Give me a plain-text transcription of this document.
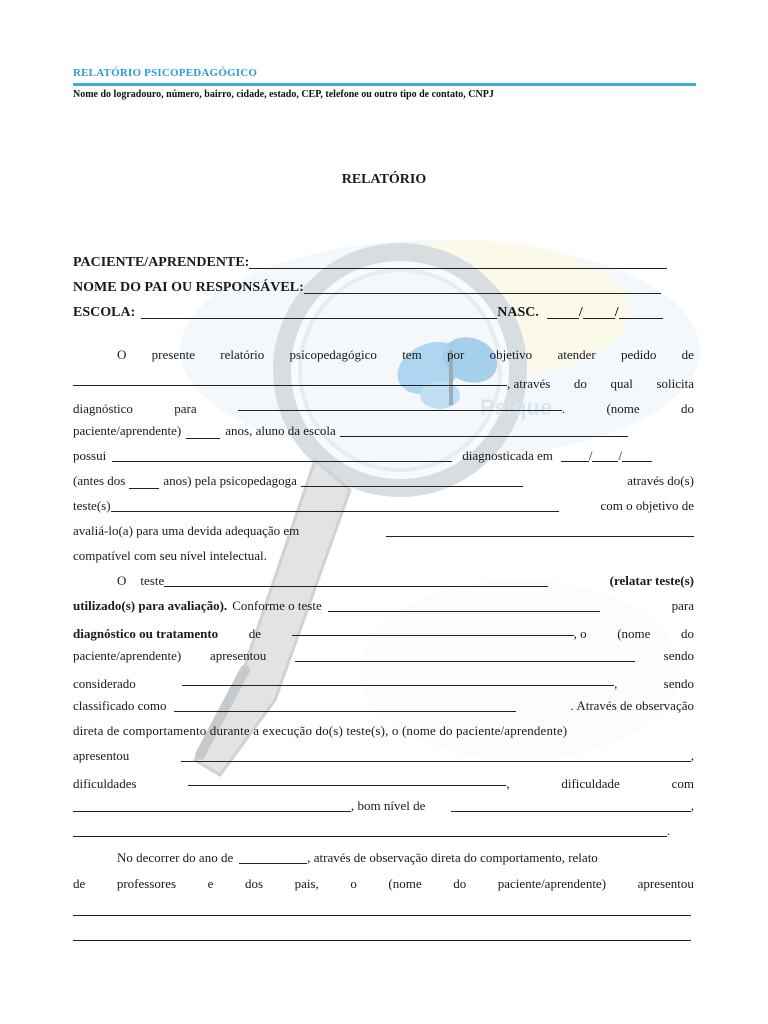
Psique
RELATÓRIO PSICOPEDAGÓGICO
Nome do logradouro, número, bairro, cidade, estado, CEP, telefone ou outro tipo de contato, CNPJ
RELATÓRIO
PACIENTE/APRENDENTE:
NOME DO PAI OU RESPONSÁVEL:
ESCOLA:	NASC.	/ /
O presente relatório psicopedagógico tem por objetivo atender pedido de
, através do qual solicita
diagnóstico	para	.	(nome	do
paciente/aprendente)	anos, aluno da escola
possui	diagnosticada em	/ /
(antes dos	anos) pela psicopedagoga	através do(s)
teste(s)	com o objetivo de
avaliá-lo(a) para uma devida adequação em
compatível com seu nível intelectual.
O teste	(relatar teste(s)
utilizado(s) para avaliação). Conforme o teste	para
diagnóstico ou tratamento de	, o (nome do
paciente/aprendente) apresentou	sendo
considerado	,	sendo
classificado como	. Através de observação
direta de comportamento durante a execução do(s) teste(s), o (nome do paciente/aprendente)
apresentou	,
dificuldades	,	dificuldade	com
, bom nível de	,
.
No decorrer do ano de	, através de observação direta do comportamento, relato
de professores e dos pais, o (nome do paciente/aprendente) apresentou
